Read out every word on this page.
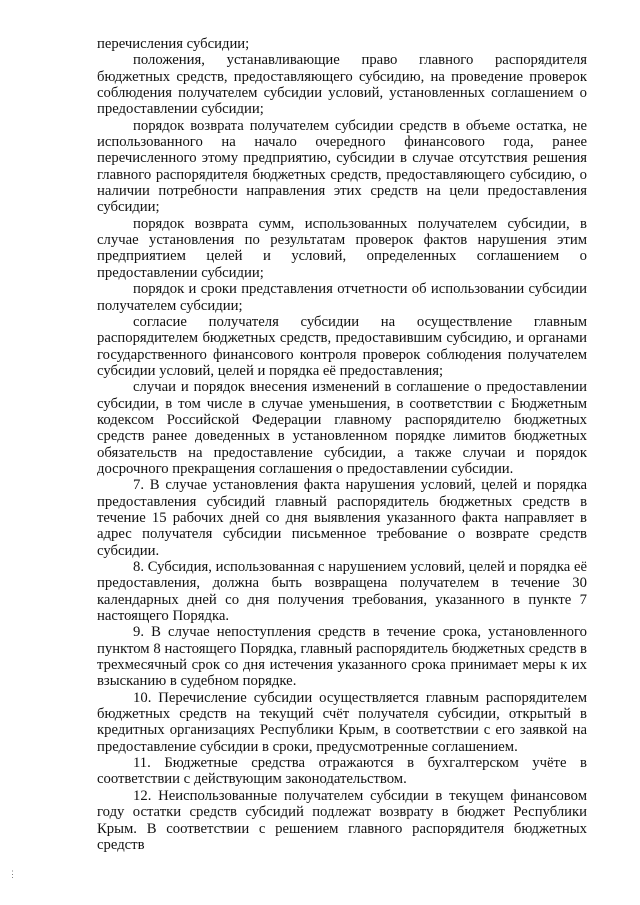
перечисления субсидии;

положения, устанавливающие право главного распорядителя бюджетных средств, предоставляющего субсидию, на проведение проверок соблюдения получателем субсидии условий, установленных соглашением о предоставлении субсидии;

порядок возврата получателем субсидии средств в объеме остатка, не использованного на начало очередного финансового года, ранее перечисленного этому предприятию, субсидии в случае отсутствия решения главного распорядителя бюджетных средств, предоставляющего субсидию, о наличии потребности направления этих средств на цели предоставления субсидии;

порядок возврата сумм, использованных получателем субсидии, в случае установления по результатам проверок фактов нарушения этим предприятием целей и условий, определенных соглашением о предоставлении субсидии;

порядок и сроки представления отчетности об использовании субсидии получателем субсидии;

согласие получателя субсидии на осуществление главным распорядителем бюджетных средств, предоставившим субсидию, и органами государственного финансового контроля проверок соблюдения получателем субсидии условий, целей и порядка её предоставления;

случаи и порядок внесения изменений в соглашение о предоставлении субсидии, в том числе в случае уменьшения, в соответствии с Бюджетным кодексом Российской Федерации главному распорядителю бюджетных средств ранее доведенных в установленном порядке лимитов бюджетных обязательств на предоставление субсидии, а также случаи и порядок досрочного прекращения соглашения о предоставлении субсидии.

7. В случае установления факта нарушения условий, целей и порядка предоставления субсидий главный распорядитель бюджетных средств в течение 15 рабочих дней со дня выявления указанного факта направляет в адрес получателя субсидии письменное требование о возврате средств субсидии.

8. Субсидия, использованная с нарушением условий, целей и порядка её предоставления, должна быть возвращена получателем в течение 30 календарных дней со дня получения требования, указанного в пункте 7 настоящего Порядка.

9. В случае непоступления средств в течение срока, установленного пунктом 8 настоящего Порядка, главный распорядитель бюджетных средств в трехмесячный срок со дня истечения указанного срока принимает меры к их взысканию в судебном порядке.

10. Перечисление субсидии осуществляется главным распорядителем бюджетных средств на текущий счёт получателя субсидии, открытый в кредитных организациях Республики Крым, в соответствии с его заявкой на предоставление субсидии в сроки, предусмотренные соглашением.

11. Бюджетные средства отражаются в бухгалтерском учёте в соответствии с действующим законодательством.

12. Неиспользованные получателем субсидии в текущем финансовом году остатки средств субсидий подлежат возврату в бюджет Республики Крым. В соответствии с решением главного распорядителя бюджетных средств

⋮
